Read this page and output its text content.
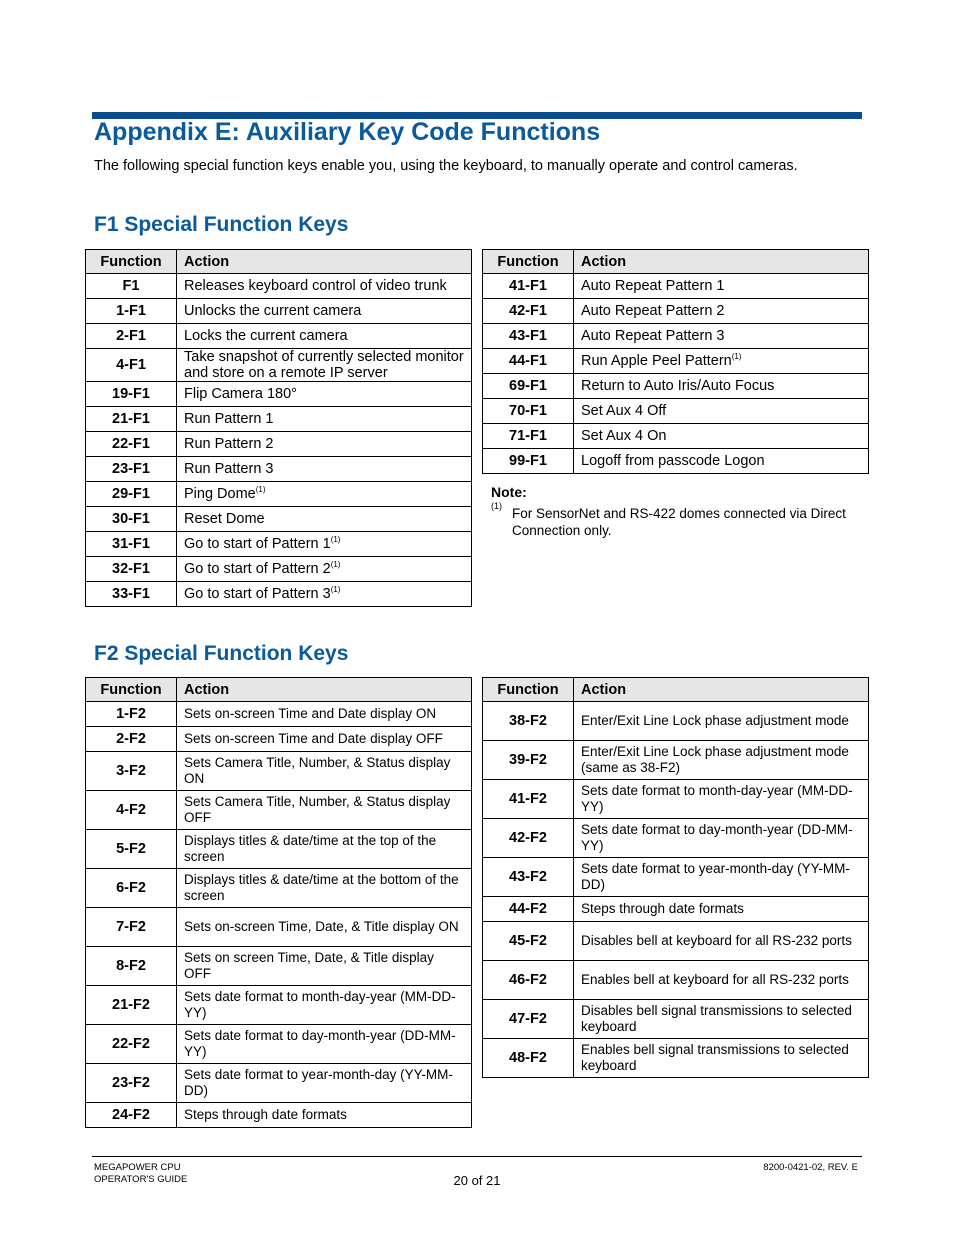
Appendix E: Auxiliary Key Code Functions

The following special function keys enable you, using the keyboard, to manually operate and control cameras.

F1 Special Function Keys
Function	Action
F1	Releases keyboard control of video trunk
1-F1	Unlocks the current camera
2-F1	Locks the current camera
4-F1	Take snapshot of currently selected monitor and store on a remote IP server
19-F1	Flip Camera 180°
21-F1	Run Pattern 1
22-F1	Run Pattern 2
23-F1	Run Pattern 3
29-F1	Ping Dome$^{(1)}$
30-F1	Reset Dome
31-F1	Go to start of Pattern 1$^{(1)}$
32-F1	Go to start of Pattern 2$^{(1)}$
33-F1	Go to start of Pattern 3$^{(1)}$
Function	Action
41-F1	Auto Repeat Pattern 1
42-F1	Auto Repeat Pattern 2
43-F1	Auto Repeat Pattern 3
44-F1	Run Apple Peel Pattern$^{(1)}$
69-F1	Return to Auto Iris/Auto Focus
70-F1	Set Aux 4 Off
71-F1	Set Aux 4 On
99-F1	Logoff from passcode Logon

Note:

(1) For SensorNet and RS-422 domes connected via Direct Connection only.

F2 Special Function Keys
Function	Action
1-F2	Sets on-screen Time and Date display ON
2-F2	Sets on-screen Time and Date display OFF
3-F2	Sets Camera Title, Number, & Status display ON
4-F2	Sets Camera Title, Number, & Status display OFF
5-F2	Displays titles & date/time at the top of the screen
6-F2	Displays titles & date/time at the bottom of the screen
7-F2	Sets on-screen Time, Date, & Title display ON
8-F2	Sets on screen Time, Date, & Title display OFF
21-F2	Sets date format to month-day-year (MM-DD-YY)
22-F2	Sets date format to day-month-year (DD-MM-YY)
23-F2	Sets date format to year-month-day (YY-MM-DD)
24-F2	Steps through date formats
Function	Action
38-F2	Enter/Exit Line Lock phase adjustment mode
39-F2	Enter/Exit Line Lock phase adjustment mode (same as 38-F2)
41-F2	Sets date format to month-day-year (MM-DD-YY)
42-F2	Sets date format to day-month-year (DD-MM-YY)
43-F2	Sets date format to year-month-day (YY-MM-DD)
44-F2	Steps through date formats
45-F2	Disables bell at keyboard for all RS-232 ports
46-F2	Enables bell at keyboard for all RS-232 ports
47-F2	Disables bell signal transmissions to selected keyboard
48-F2	Enables bell signal transmissions to selected keyboard
MEGAPOWER CPU
OPERATOR'S GUIDE	20 of 21
8200-0421-02, REV. E
